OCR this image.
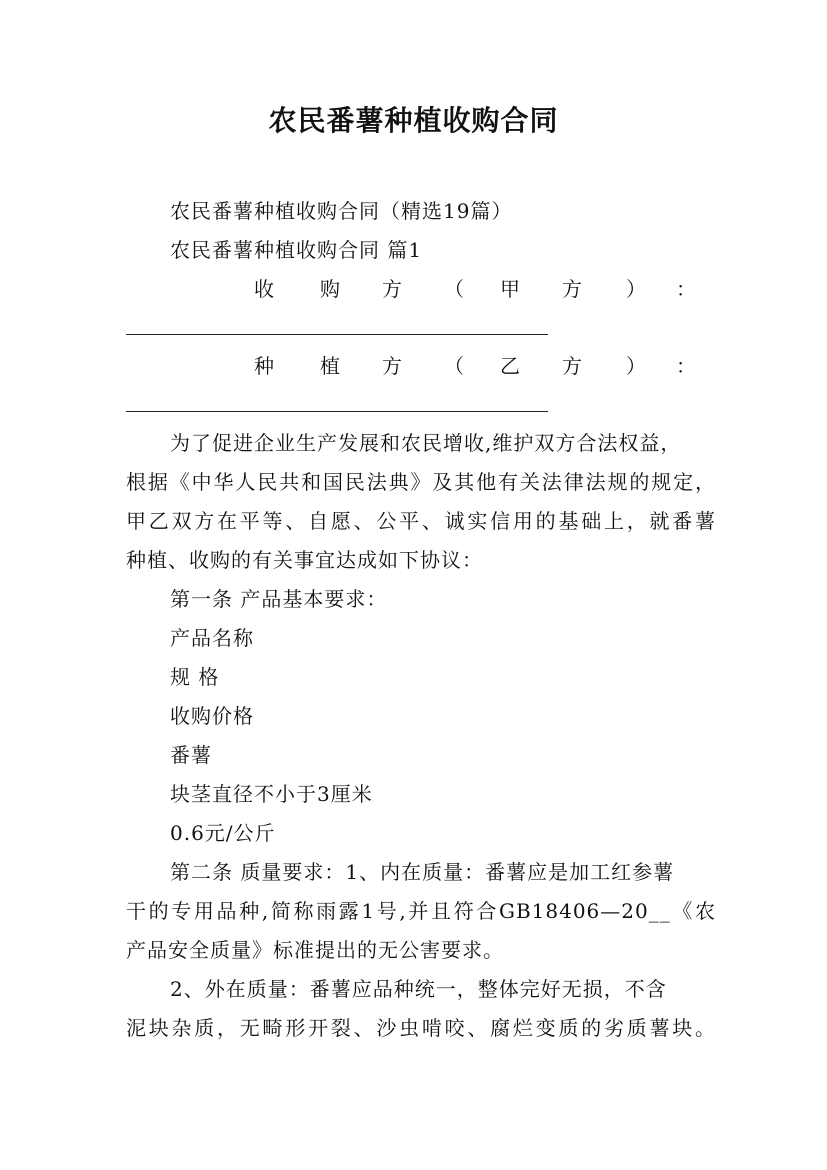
农民番薯种植收购合同
农民番薯种植收购合同（精选19篇）
农民番薯种植收购合同 篇1
收 购 方 （ 甲 方 ） ：
种 植 方 （ 乙 方 ） ：
为了促进企业生产发展和农民增收,维护双方合法权益，
根据《中华人民共和国民法典》及其他有关法律法规的规定，
甲乙双方在平等、自愿、公平、诚实信用的基础上，就番薯
种植、收购的有关事宜达成如下协议：
第一条 产品基本要求：
产品名称
规 格
收购价格
番薯
块茎直径不小于3厘米
0.6元/公斤
第二条 质量要求：1、内在质量：番薯应是加工红参薯
干的专用品种,简称雨露1号,并且符合GB18406—20__《农
产品安全质量》标准提出的无公害要求。
2、外在质量：番薯应品种统一，整体完好无损，不含
泥块杂质，无畸形开裂、沙虫啃咬、腐烂变质的劣质薯块。
